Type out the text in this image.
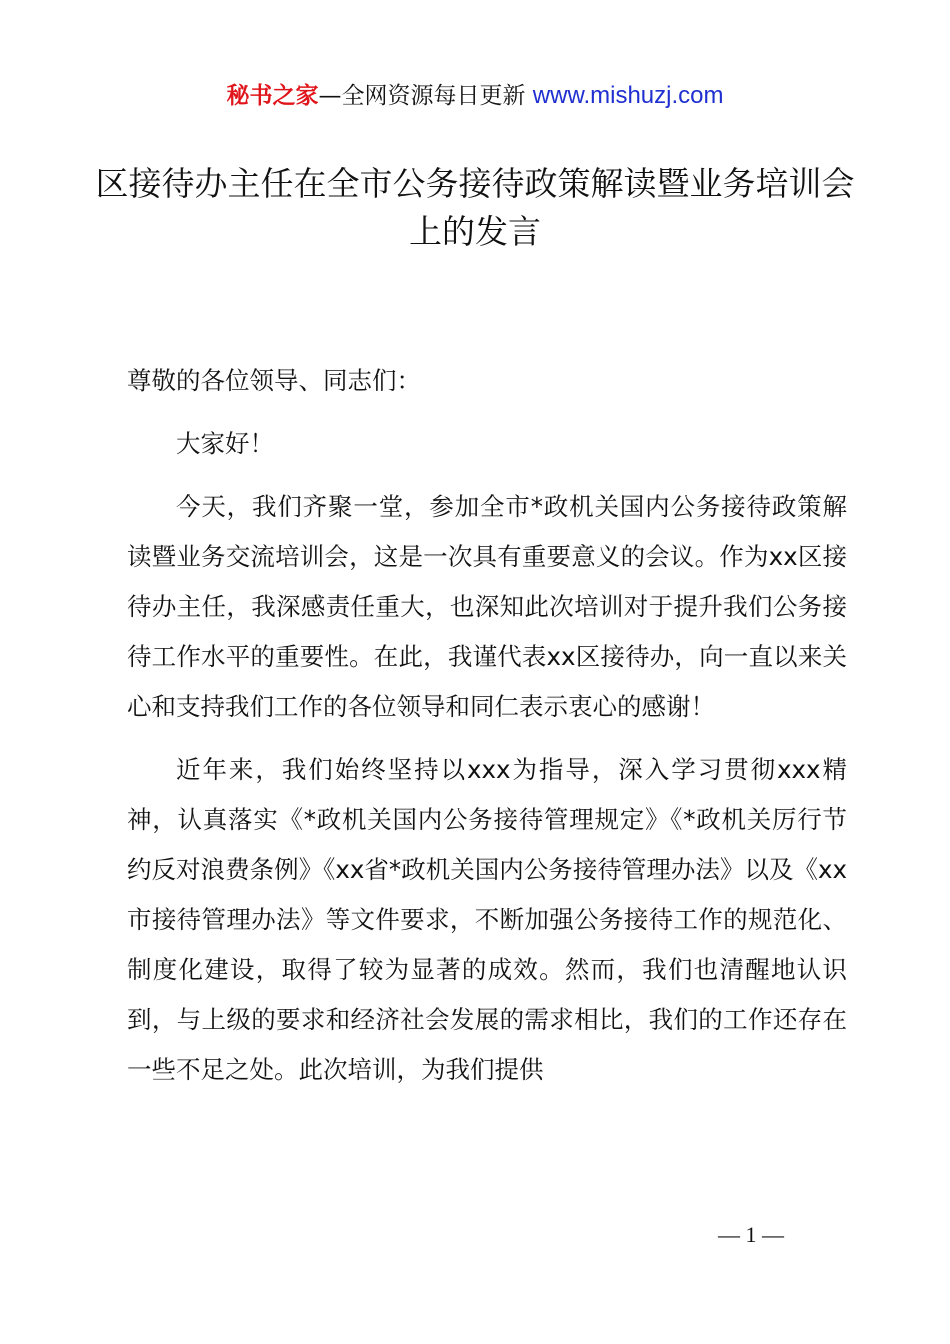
秘书之家—全网资源每日更新 www.mishuzj.com
区接待办主任在全市公务接待政策解读暨业务培训会上的发言

尊敬的各位领导、同志们：

大家好！

今天，我们齐聚一堂，参加全市*政机关国内公务接待政策解读暨业务交流培训会，这是一次具有重要意义的会议。作为xx区接待办主任，我深感责任重大，也深知此次培训对于提升我们公务接待工作水平的重要性。在此，我谨代表xx区接待办，向一直以来关心和支持我们工作的各位领导和同仁表示衷心的感谢！

近年来，我们始终坚持以xxx为指导，深入学习贯彻xxx精神，认真落实《*政机关国内公务接待管理规定》《*政机关厉行节约反对浪费条例》《xx省*政机关国内公务接待管理办法》以及《xx市接待管理办法》等文件要求，不断加强公务接待工作的规范化、制度化建设，取得了较为显著的成效。然而，我们也清醒地认识到，与上级的要求和经济社会发展的需求相比，我们的工作还存在一些不足之处。此次培训，为我们提供

— 1 —
